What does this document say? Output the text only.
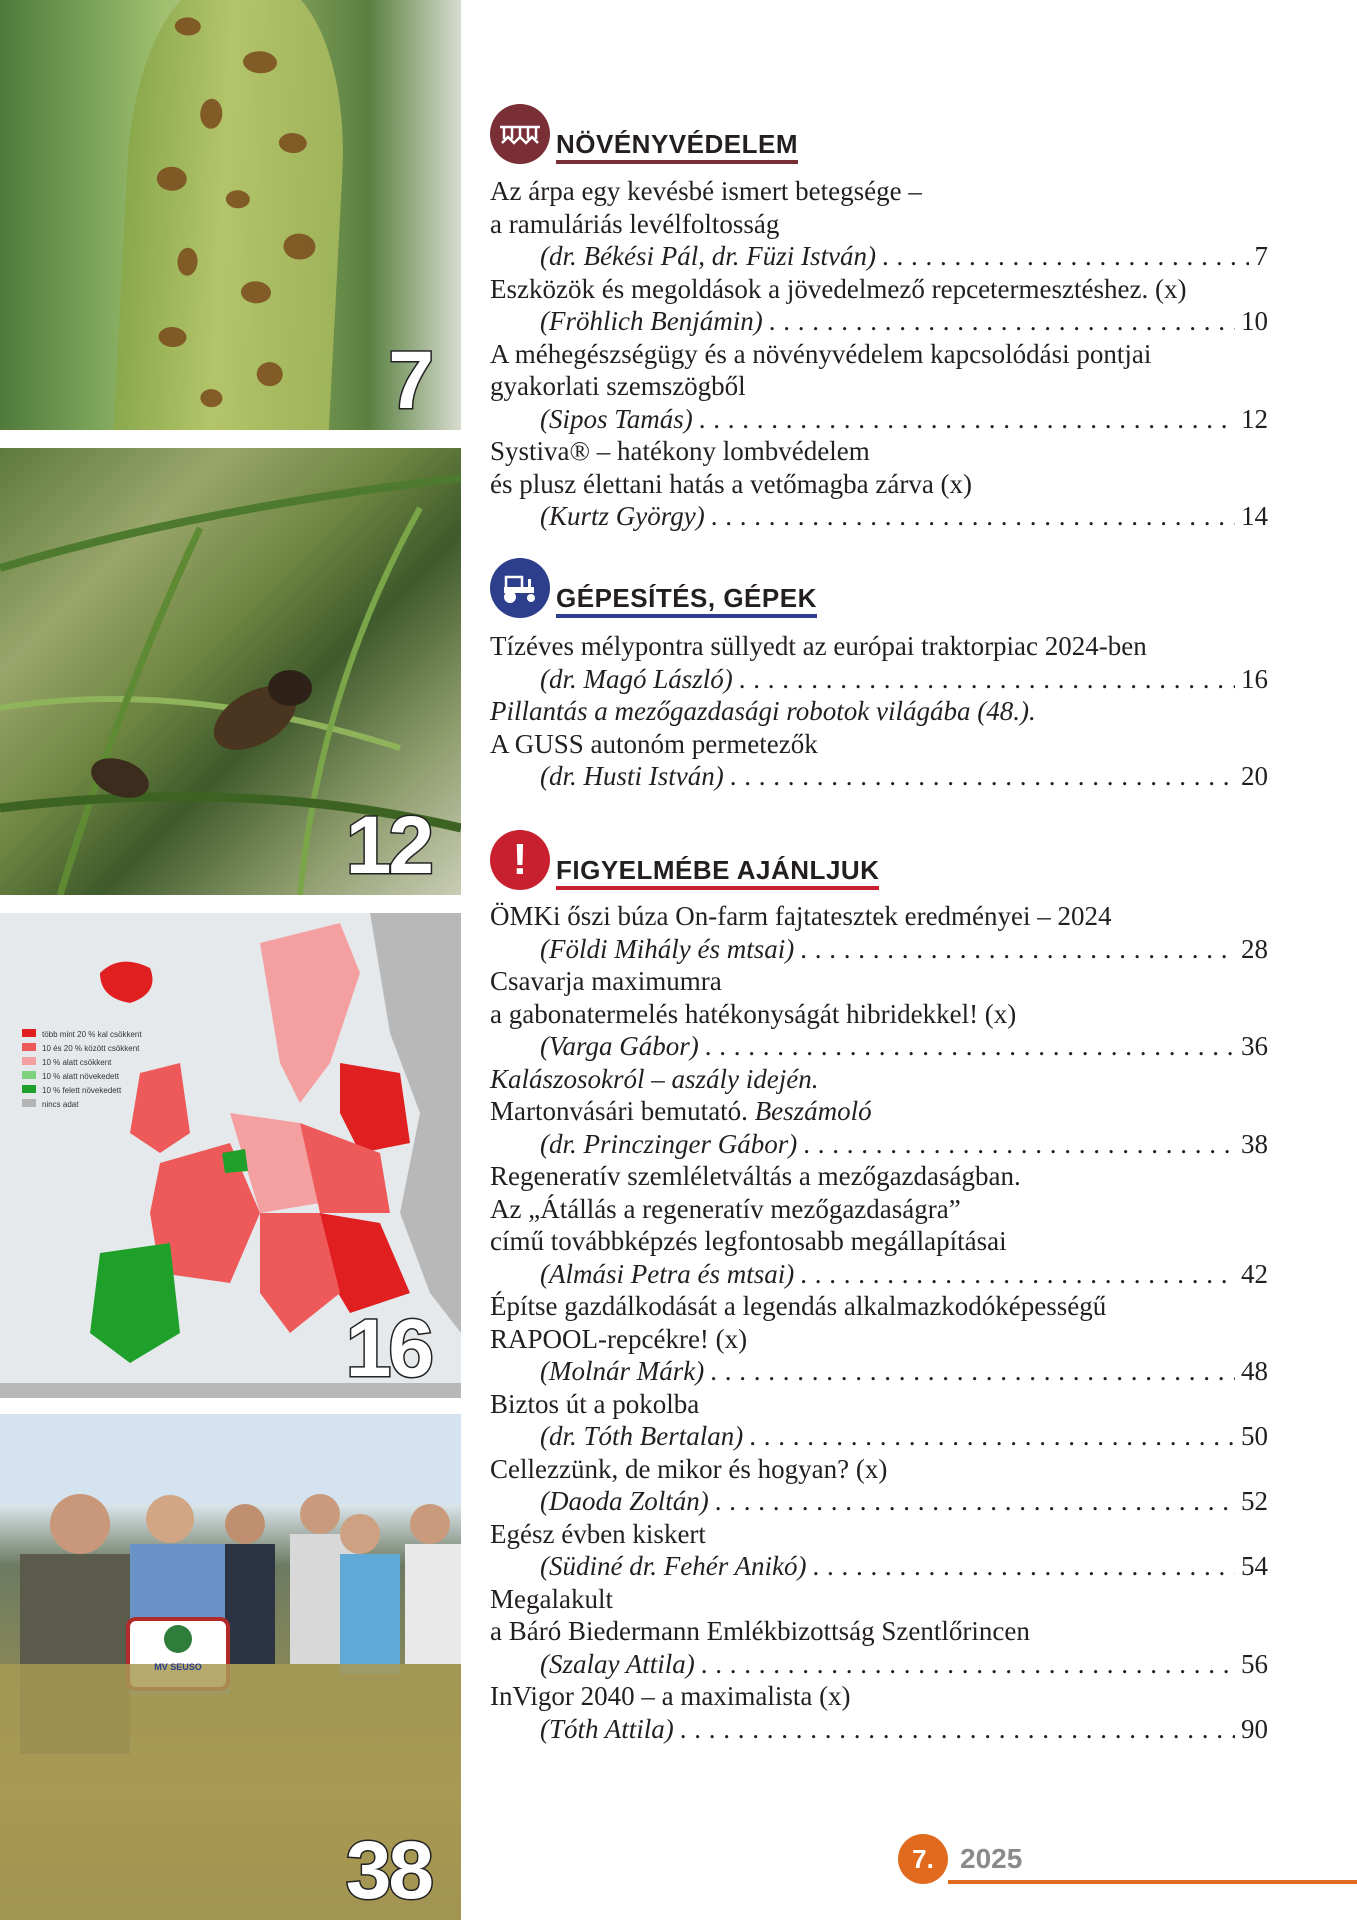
7
12
több mint 20 % kal csökkent
10 és 20 % között csökkent
10 % alatt csökkent
10 % alatt növekedett
10 % felett növekedett
nincs adat
16
MV SEUSO
38
NÖVÉNYVÉDELEM
Az árpa egy kevésbé ismert betegsége –
a ramuláriás levélfoltosság
(dr. Békési Pál, dr. Füzi István) . . .	7
Eszközök és megoldások a jövedelmező repcetermesztéshez. (x)
(Fröhlich Benjámin) . . .	10
A méhegészségügy és a növényvédelem kapcsolódási pontjai
gyakorlati szemszögből
(Sipos Tamás) . . .	12
Systiva® – hatékony lombvédelem
és plusz élettani hatás a vetőmagba zárva (x)
(Kurtz György) . . .	14
GÉPESÍTÉS, GÉPEK
Tízéves mélypontra süllyedt az európai traktorpiac 2024-ben
(dr. Magó László) . . .	16
Pillantás a mezőgazdasági robotok világába (48.).
A GUSS autonóm permetezők
(dr. Husti István) . . .	20
!	FIGYELMÉBE AJÁNLJUK
ÖMKi őszi búza On-farm fajtatesztek eredményei – 2024
(Földi Mihály és mtsai) . . .	28
Csavarja maximumra
a gabonatermelés hatékonyságát hibridekkel! (x)
(Varga Gábor) . . .	36
Kalászosokról – aszály idején.
Martonvásári bemutató. Beszámoló
(dr. Princzinger Gábor) . . .	38
Regeneratív szemléletváltás a mezőgazdaságban.
Az „Átállás a regeneratív mezőgazdaságra”
című továbbképzés legfontosabb megállapításai
(Almási Petra és mtsai) . . .	42
Építse gazdálkodását a legendás alkalmazkodóképességű
RAPOOL-repcékre! (x)
(Molnár Márk) . . .	48
Biztos út a pokolba
(dr. Tóth Bertalan) . . .	50
Cellezzünk, de mikor és hogyan? (x)
(Daoda Zoltán) . . .	52
Egész évben kiskert
(Südiné dr. Fehér Anikó) . . .	54
Megalakult
a Báró Biedermann Emlékbizottság Szentlőrincen
(Szalay Attila) . . .	56
InVigor 2040 – a maximalista (x)
(Tóth Attila) . . .	90
7. 2025
